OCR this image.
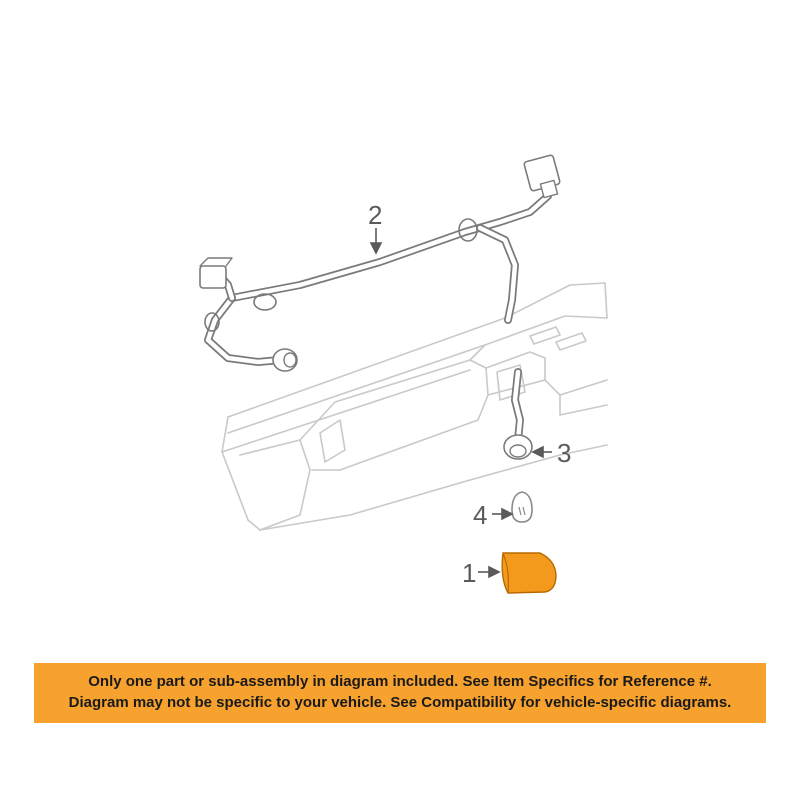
2
3
4
1
Only one part or sub-assembly in diagram included. See Item Specifics for Reference #.
Diagram may not be specific to your vehicle. See Compatibility for vehicle-specific diagrams.
